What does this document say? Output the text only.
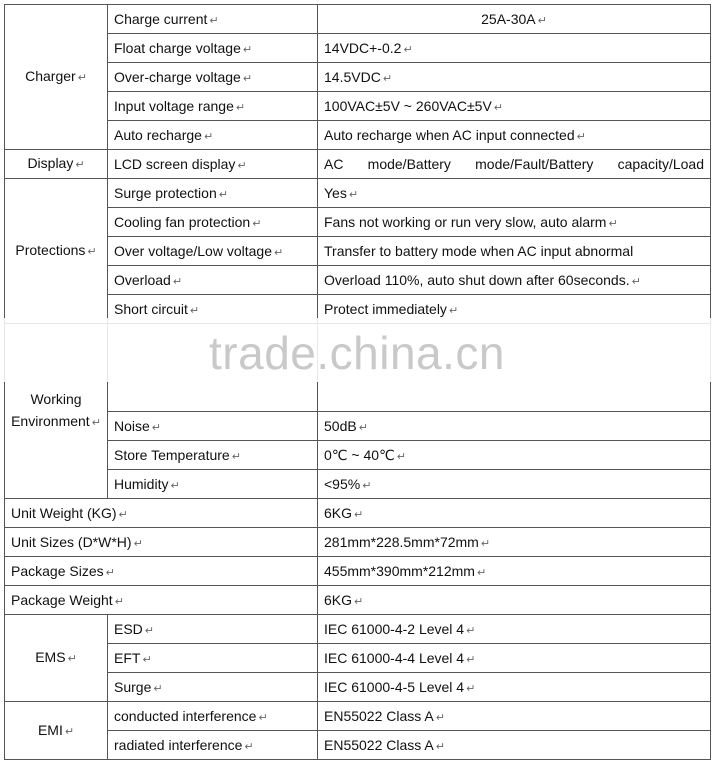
Charger ↵	Charge current ↵	25A-30A ↵
	Float charge voltage ↵	14VDC+-0.2 ↵
	Over-charge voltage ↵	14.5VDC ↵
	Input voltage range ↵	100VAC±5V ~ 260VAC±5V ↵
	Auto recharge ↵	Auto recharge when AC input connected ↵
Display ↵	LCD screen display ↵	AC mode/Battery mode/Fault/Battery capacity/Load
Protections ↵	Surge protection ↵	Yes ↵
	Cooling fan protection ↵	Fans not working or run very slow, auto alarm ↵
	Over voltage/Low voltage ↵	Transfer to battery mode when AC input abnormal
	Overload ↵	Overload 110%, auto shut down after 60seconds. ↵
	Short circuit ↵	Protect immediately ↵
Working Environment ↵		
	Noise ↵	50dB ↵
	Store Temperature ↵	0℃ ~ 40℃ ↵
	Humidity ↵	<95% ↵
Unit Weight (KG) ↵		6KG ↵
Unit Sizes (D*W*H) ↵		281mm*228.5mm*72mm ↵
Package Sizes ↵		455mm*390mm*212mm ↵
Package Weight ↵		6KG ↵
EMS ↵	ESD ↵	IEC 61000-4-2 Level 4 ↵
	EFT ↵	IEC 61000-4-4 Level 4 ↵
	Surge ↵	IEC 61000-4-5 Level 4 ↵
EMI ↵	conducted interference ↵	EN55022 Class A ↵
	radiated interference ↵	EN55022 Class A ↵
trade.china.cn
